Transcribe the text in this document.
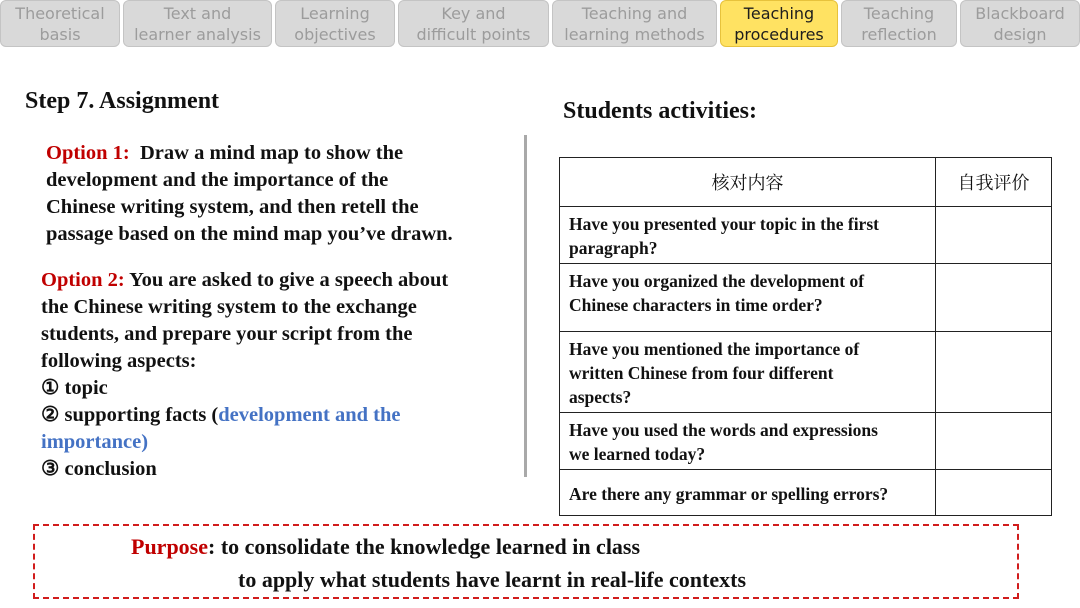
Theoretical
basis
Text and
learner analysis
Learning
objectives
Key and
difficult points
Teaching and
learning methods
Teaching
procedures
Teaching
reflection
Blackboard
design
Step 7. Assignment
Option 1: Draw a mind map to show the
development and the importance of the
Chinese writing system, and then retell the
passage based on the mind map you’ve drawn.
Option 2: You are asked to give a speech about
the Chinese writing system to the exchange
students, and prepare your script from the
following aspects:
① topic
② supporting facts (development and the
importance)
③ conclusion
Students activities:
核对内容	自我评价
Have you presented your topic in the first
paragraph?	
Have you organized the development of
Chinese characters in time order?	
Have you mentioned the importance of
written Chinese from four different
aspects?	
Have you used the words and expressions
we learned today?	
Are there any grammar or spelling errors?	
Purpose: to consolidate the knowledge learned in class
to apply what students have learnt in real-life contexts
